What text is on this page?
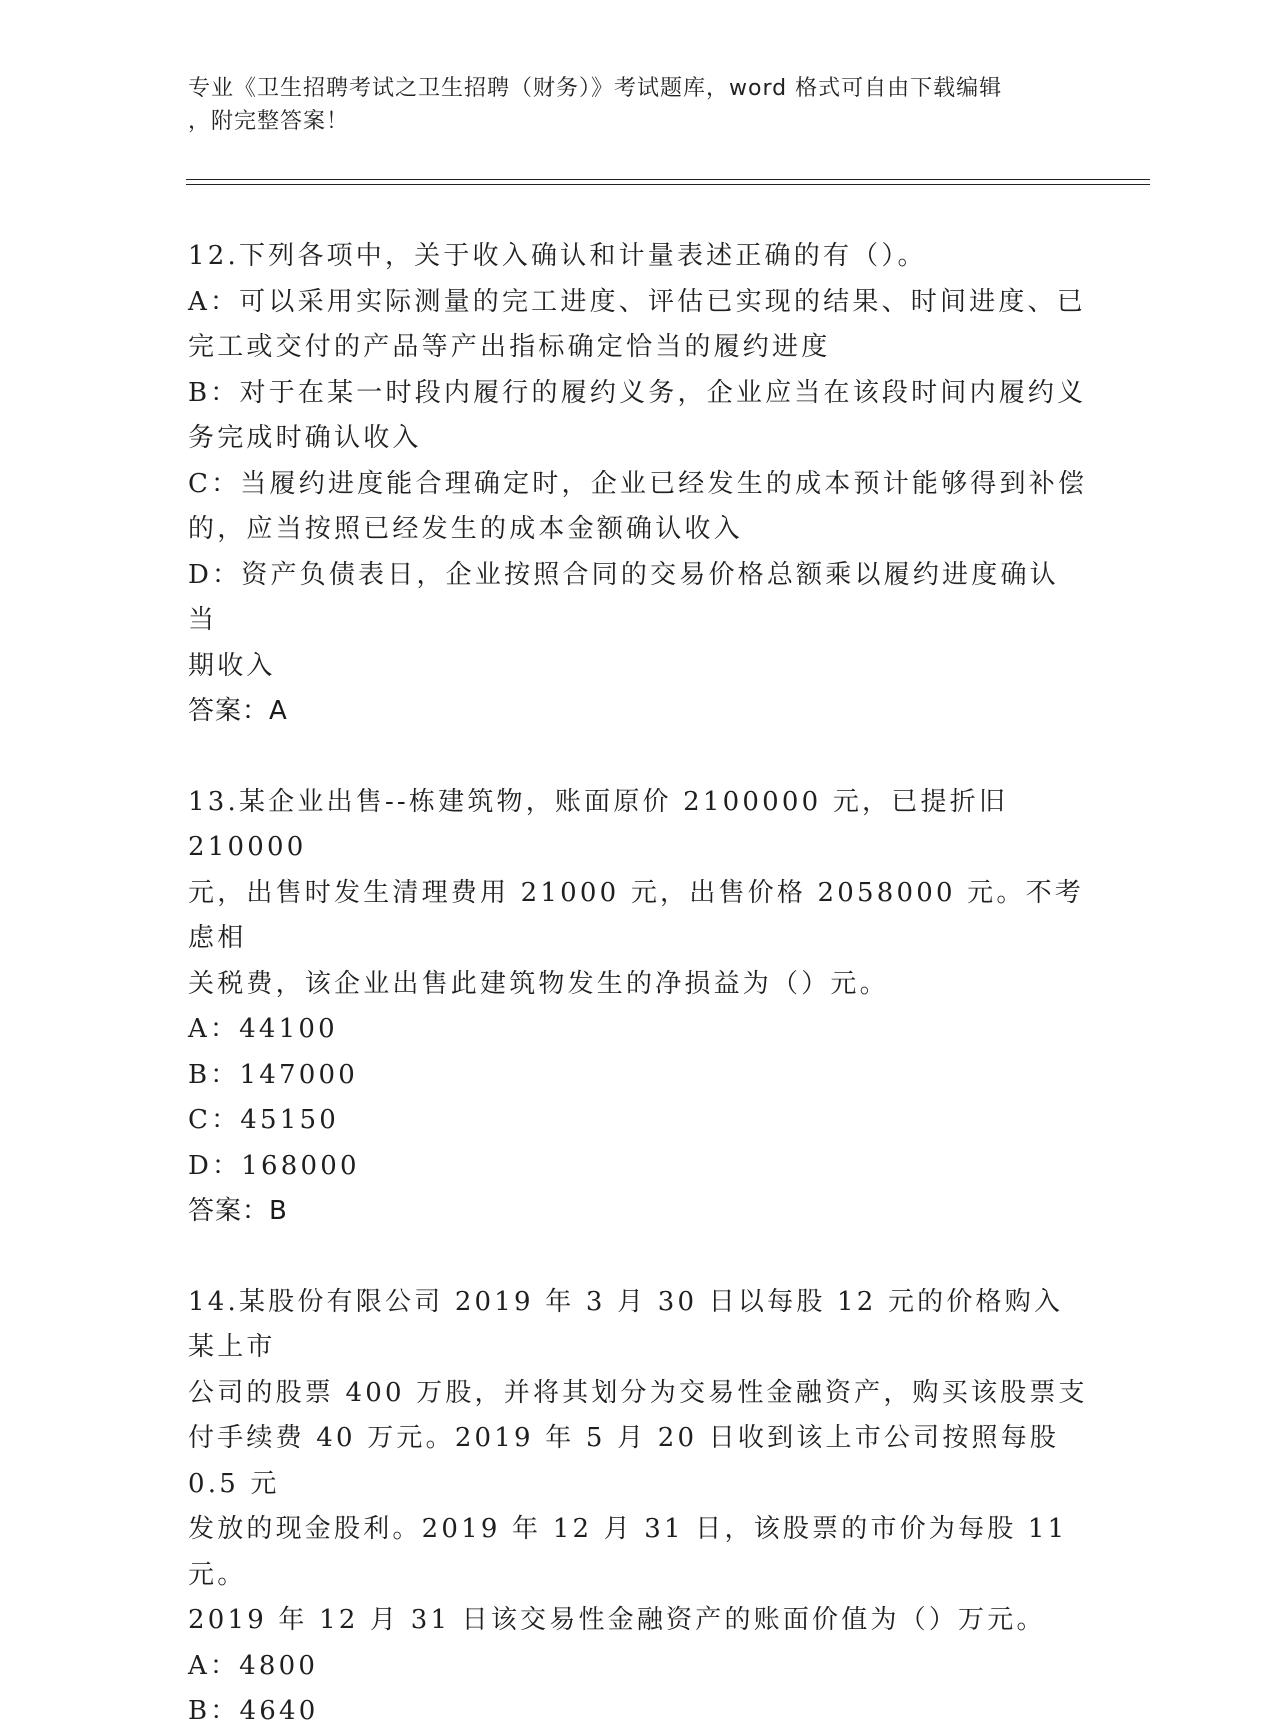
专业《卫生招聘考试之卫生招聘（财务）》考试题库，word 格式可自由下载编辑
，附完整答案！

12.下列各项中，关于收入确认和计量表述正确的有（）。

A：可以采用实际测量的完工进度、评估已实现的结果、时间进度、已

完工或交付的产品等产出指标确定恰当的履约进度

B：对于在某一时段内履行的履约义务，企业应当在该段时间内履约义

务完成时确认收入

C：当履约进度能合理确定时，企业已经发生的成本预计能够得到补偿

的，应当按照已经发生的成本金额确认收入

D：资产负债表日，企业按照合同的交易价格总额乘以履约进度确认当

期收入

答案：A

13.某企业出售--栋建筑物，账面原价 2100000 元，已提折旧 210000

元，出售时发生清理费用 21000 元，出售价格 2058000 元。不考虑相

关税费，该企业出售此建筑物发生的净损益为（）元。

A：44100

B：147000

C：45150

D：168000

答案：B

14.某股份有限公司 2019 年 3 月 30 日以每股 12 元的价格购入某上市

公司的股票 400 万股，并将其划分为交易性金融资产，购买该股票支

付手续费 40 万元。2019 年 5 月 20 日收到该上市公司按照每股 0.5 元

发放的现金股利。2019 年 12 月 31 日，该股票的市价为每股 11 元。

2019 年 12 月 31 日该交易性金融资产的账面价值为（）万元。

A：4800

B：4640
